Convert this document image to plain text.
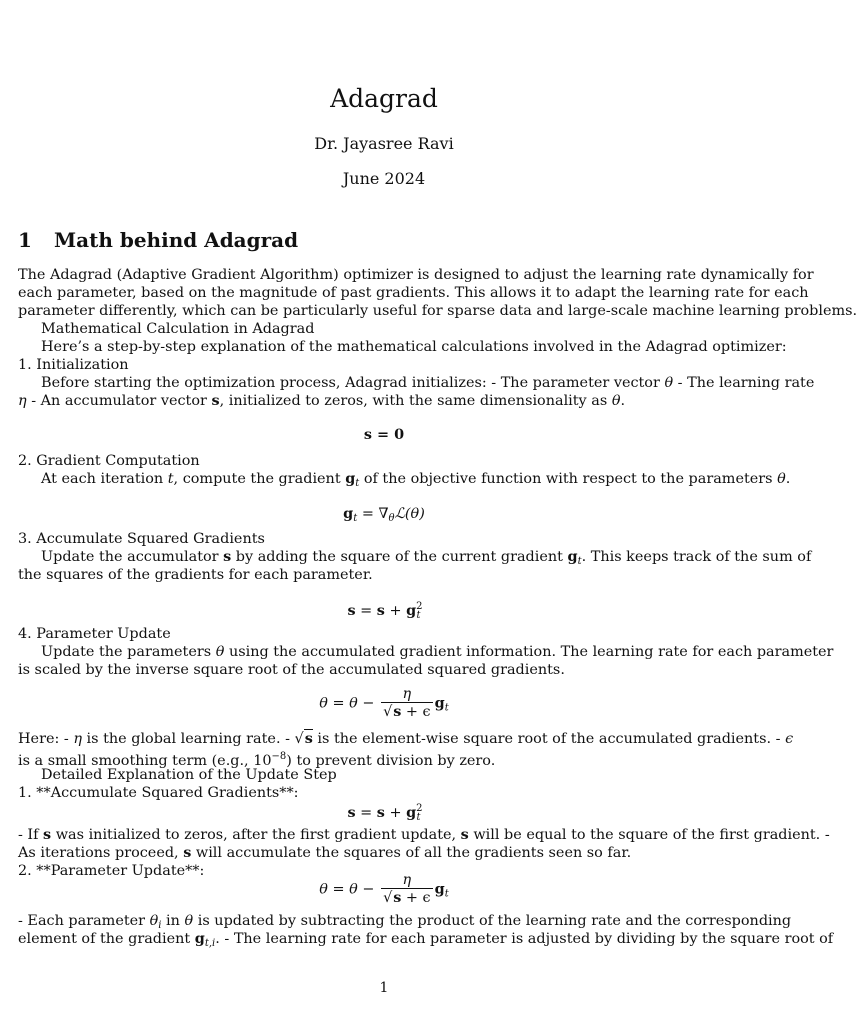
Adagrad
Dr. Jayasree Ravi
June 2024
1 Math behind Adagrad
The Adagrad (Adaptive Gradient Algorithm) optimizer is designed to adjust the learning rate dynamically for
each parameter, based on the magnitude of past gradients. This allows it to adapt the learning rate for each
parameter differently, which can be particularly useful for sparse data and large-scale machine learning problems.
Mathematical Calculation in Adagrad
Here’s a step-by-step explanation of the mathematical calculations involved in the Adagrad optimizer:
1. Initialization
Before starting the optimization process, Adagrad initializes: - The parameter vector θ - The learning rate
η - An accumulator vector s, initialized to zeros, with the same dimensionality as θ.
s = 0
2. Gradient Computation
At each iteration t, compute the gradient $g_t$ of the objective function with respect to the parameters θ.
$g_t$ = $\nabla_\theta ℒ(\theta)$
3. Accumulate Squared Gradients
Update the accumulator s by adding the square of the current gradient $g_t$. This keeps track of the sum of
the squares of the gradients for each parameter.
$s = s + g^2_t$
4. Parameter Update
Update the parameters θ using the accumulated gradient information. The learning rate for each parameter
is scaled by the inverse square root of the accumulated squared gradients.
$\theta = \theta - \frac{\eta}{√s + \epsilon} g_t$
Here: - η is the global learning rate. - √s is the element-wise square root of the accumulated gradients. - ϵ
is a small smoothing term (e.g., $10^{-8}$) to prevent division by zero.
Detailed Explanation of the Update Step
1. **Accumulate Squared Gradients**:
$s = s + g^2_t$
- If s was initialized to zeros, after the first gradient update, s will be equal to the square of the first gradient. -
As iterations proceed, s will accumulate the squares of all the gradients seen so far.
2. **Parameter Update**:
$\theta = \theta - \frac{\eta}{√s + \epsilon} g_t$
- Each parameter $\theta_i$ in θ is updated by subtracting the product of the learning rate and the corresponding
element of the gradient $g_{t,i}$. - The learning rate for each parameter is adjusted by dividing by the square root of
1
